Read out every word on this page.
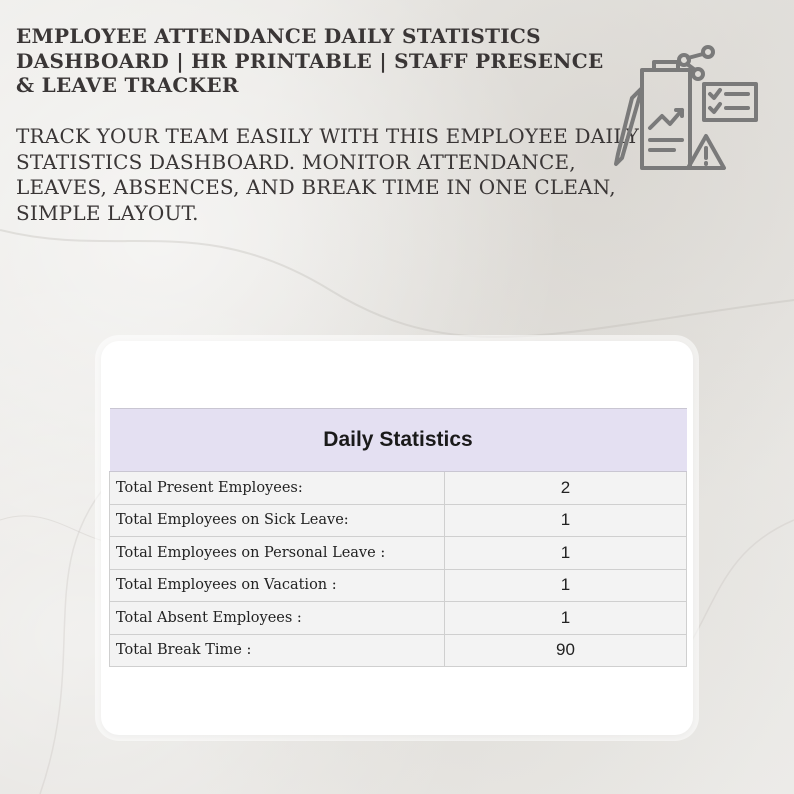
EMPLOYEE ATTENDANCE DAILY STATISTICS DASHBOARD | HR PRINTABLE | STAFF PRESENCE & LEAVE TRACKER

TRACK YOUR TEAM EASILY WITH THIS EMPLOYEE DAILY STATISTICS DASHBOARD. MONITOR ATTENDANCE, LEAVES, ABSENCES, AND BREAK TIME IN ONE CLEAN, SIMPLE LAYOUT.

Daily Statistics	
Total Present Employees:	2
Total Employees on Sick Leave:	1
Total Employees on Personal Leave :	1
Total Employees on Vacation :	1
Total Absent Employees :	1
Total Break Time :	90
